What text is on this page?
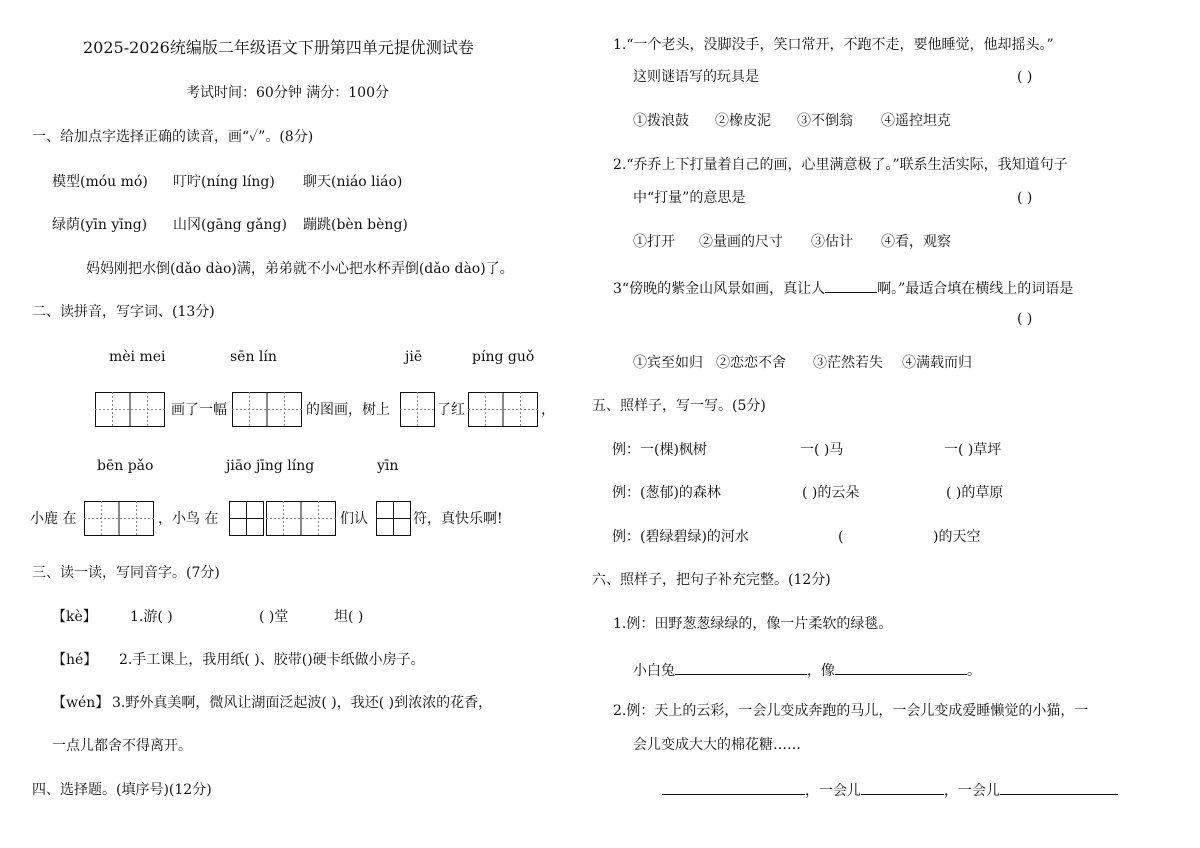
2025-2026统编版二年级语文下册第四单元提优测试卷
考试时间：60分钟 满分：100分
一、给加点字选择正确的读音，画“✓”。(8分)
模型(móu mó) 叮咛(níng líng) 聊天(niáo liáo)
绿荫(yīn yīng) 山冈(gāng gǎng) 蹦跳(bèn bèng)
妈妈刚把水倒(dǎo dào)满，弟弟就不小心把水杯弄倒(dǎo dào)了。
二、读拼音，写字词、(13分)
mèi mei	sēn lín	jiē	píng guǒ
画了一幅	的图画，树上	了红	，
bēn pǎo	jiāo jīng líng	yīn
小鹿 在	，小鸟 在	们认	符，真快乐啊!
三、读一读，写同音字。(7分)
【kè】 1.游( )	( )堂	坦( )
【hé】 2.手工课上，我用纸( )、胶带()硬卡纸做小房子。
【wén】 3.野外真美啊，微风让湖面泛起波( )，我还( )到浓浓的花香，
一点儿都舍不得离开。
四、选择题。(填序号)(12分)
1.“一个老头，没脚没手，笑口常开，不跑不走，要他睡觉，他却摇头。”
这则谜语写的玩具是	( )
①拨浪鼓 ②橡皮泥 ③不倒翁 ④遥控坦克
2.“乔乔上下打量着自己的画，心里满意极了。”联系生活实际，我知道句子
中“打量”的意思是	( )
①打开 ②量画的尺寸 ③估计 ④看，观察
3“傍晚的紫金山风景如画，真让人	啊。”最适合填在横线上的词语是
( )
①宾至如归 ②恋恋不舍 ③茫然若失 ④满载而归
五、照样子，写一写。(5分)
例：一(棵)枫树	一( )马	一( )草坪
例：(葱郁)的森林	( )的云朵	( )的草原
例：(碧绿碧绿)的河水	(	)的天空
六、照样子，把句子补充完整。(12分)
1.例：田野葱葱绿绿的，像一片柔软的绿毯。
小白兔	，像	。
2.例：天上的云彩，一会儿变成奔跑的马儿，一会儿变成爱睡懒觉的小猫，一
会儿变成大大的棉花糖……
，一会儿	，一会儿
